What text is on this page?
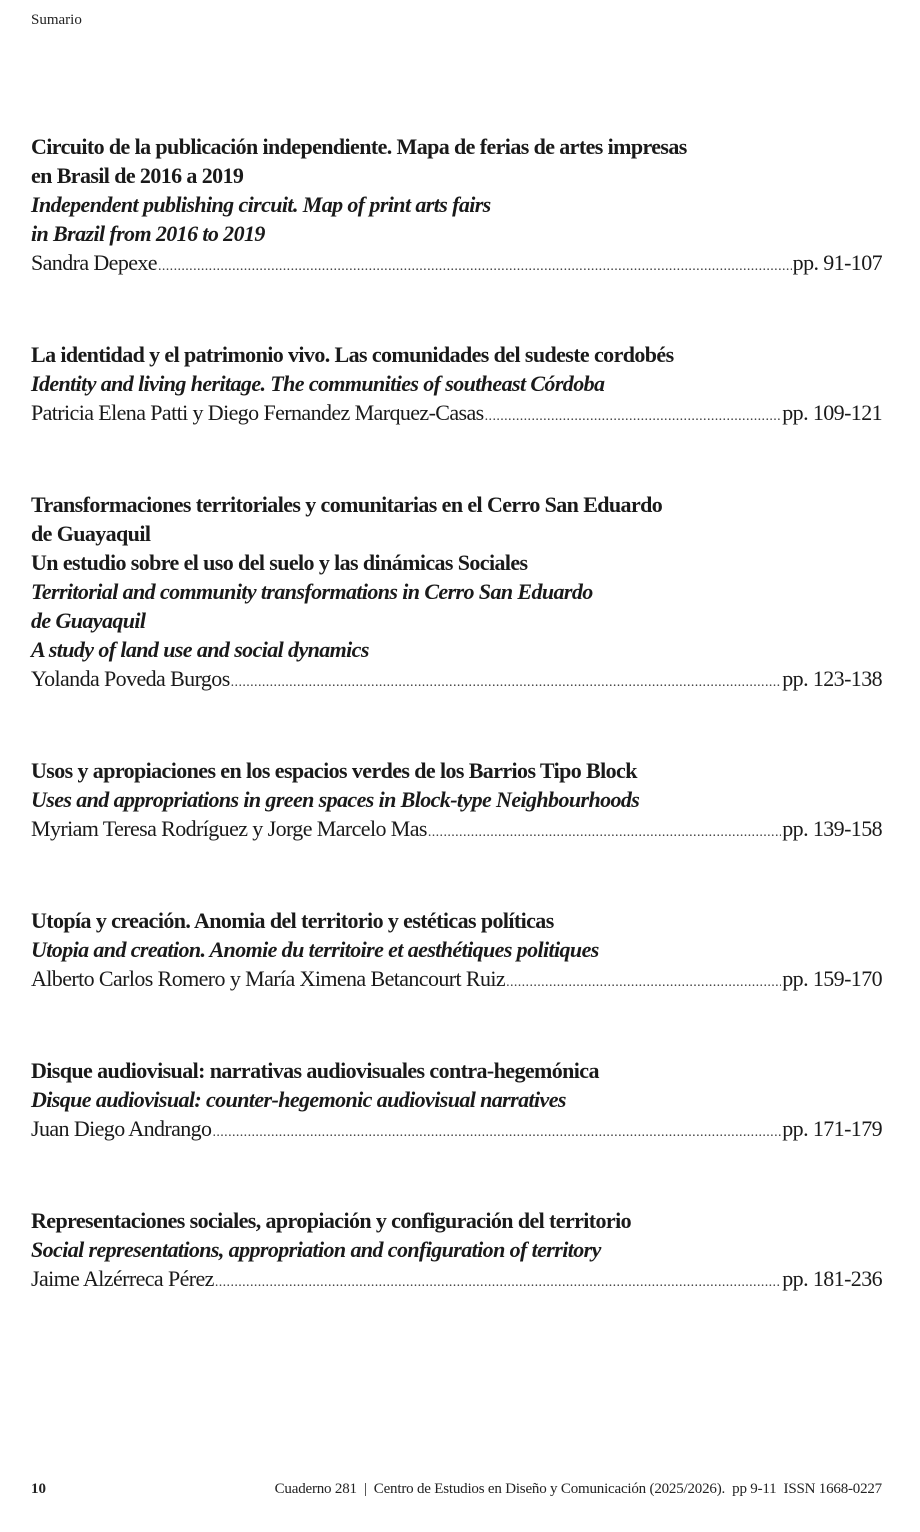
Sumario
Circuito de la publicación independiente. Mapa de ferias de artes impresas
en Brasil de 2016 a 2019
Independent publishing circuit. Map of print arts fairs
in Brazil from 2016 to 2019
Sandra Depexe .....	pp. 91-107
La identidad y el patrimonio vivo. Las comunidades del sudeste cordobés
Identity and living heritage. The communities of southeast Córdoba
Patricia Elena Patti y Diego Fernandez Marquez-Casas .....	pp. 109-121
Transformaciones territoriales y comunitarias en el Cerro San Eduardo
de Guayaquil
Un estudio sobre el uso del suelo y las dinámicas Sociales
Territorial and community transformations in Cerro San Eduardo
de Guayaquil
A study of land use and social dynamics
Yolanda Poveda Burgos .....	pp. 123-138
Usos y apropiaciones en los espacios verdes de los Barrios Tipo Block
Uses and appropriations in green spaces in Block-type Neighbourhoods
Myriam Teresa Rodríguez y Jorge Marcelo Mas .....	pp. 139-158
Utopía y creación. Anomia del territorio y estéticas políticas
Utopia and creation. Anomie du territoire et aesthétiques politiques
Alberto Carlos Romero y María Ximena Betancourt Ruiz .....	pp. 159-170
Disque audiovisual: narrativas audiovisuales contra-hegemónica
Disque audiovisual: counter-hegemonic audiovisual narratives
Juan Diego Andrango .....	pp. 171-179
Representaciones sociales, apropiación y configuración del territorio
Social representations, appropriation and configuration of territory
Jaime Alzérreca Pérez .....	pp. 181-236
10	Cuaderno 281  |  Centro de Estudios en Diseño y Comunicación (2025/2026).  pp 9-11  ISSN 1668-0227
